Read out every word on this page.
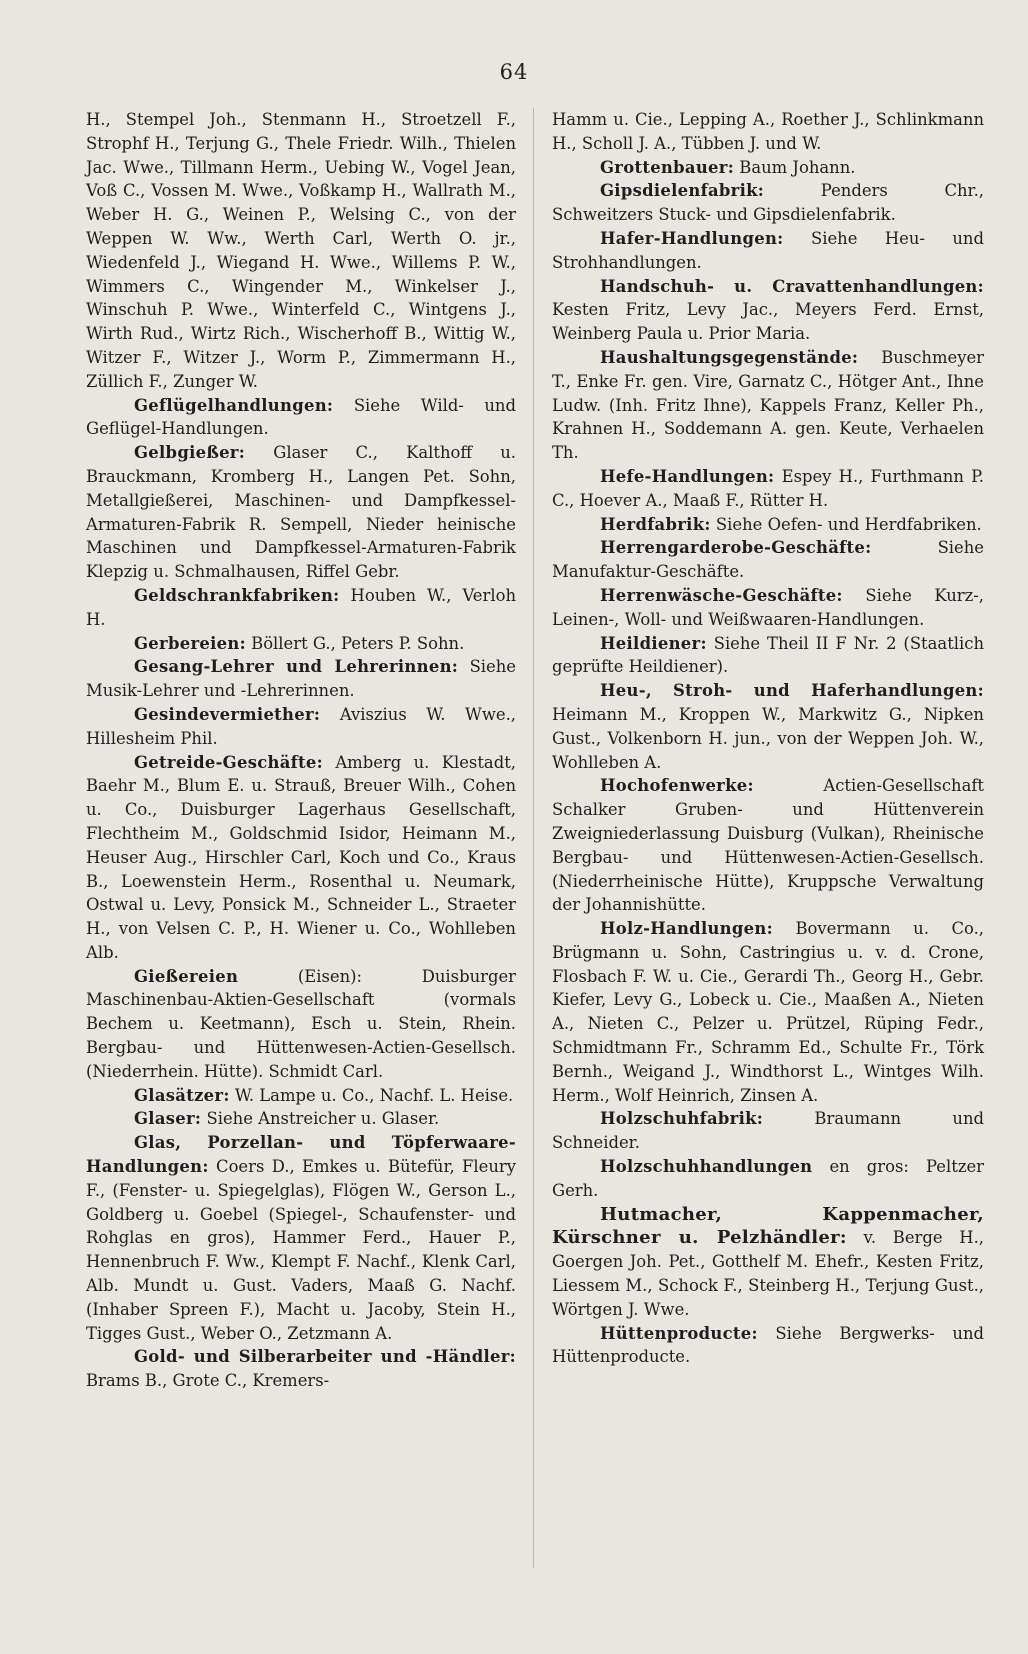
64

H., Stempel Joh., Stenmann H., Stroetzell F., Strophf H., Terjung G., Thele Friedr. Wilh., Thielen Jac. Wwe., Tillmann Herm., Uebing W., Vogel Jean, Voß C., Vossen M. Wwe., Voßkamp H., Wallrath M., Weber H. G., Weinen P., Welsing C., von der Weppen W. Ww., Werth Carl, Werth O. jr., Wiedenfeld J., Wiegand H. Wwe., Willems P. W., Wimmers C., Wingender M., Winkelser J., Winschuh P. Wwe., Winterfeld C., Wintgens J., Wirth Rud., Wirtz Rich., Wischerhoff B., Wittig W., Witzer F., Witzer J., Worm P., Zimmermann H., Züllich F., Zunger W.

Geflügelhandlungen: Siehe Wild- und Geflügel-Handlungen.

Gelbgießer: Glaser C., Kalthoff u. Brauckmann, Kromberg H., Langen Pet. Sohn, Metallgießerei, Maschinen- und Dampfkessel-Armaturen-Fabrik R. Sempell, Nieder heinische Maschinen und Dampfkessel-Armaturen-Fabrik Klepzig u. Schmalhausen, Riffel Gebr.

Geldschrankfabriken: Houben W., Verloh H.

Gerbereien: Böllert G., Peters P. Sohn.

Gesang-Lehrer und Lehrerinnen: Siehe Musik-Lehrer und -Lehrerinnen.

Gesindevermiether: Aviszius W. Wwe., Hillesheim Phil.

Getreide-Geschäfte: Amberg u. Klestadt, Baehr M., Blum E. u. Strauß, Breuer Wilh., Cohen u. Co., Duisburger Lagerhaus Gesellschaft, Flechtheim M., Goldschmid Isidor, Heimann M., Heuser Aug., Hirschler Carl, Koch und Co., Kraus B., Loewenstein Herm., Rosenthal u. Neumark, Ostwal u. Levy, Ponsick M., Schneider L., Straeter H., von Velsen C. P., H. Wiener u. Co., Wohlleben Alb.

Gießereien (Eisen): Duisburger Maschinenbau-Aktien-Gesellschaft (vormals Bechem u. Keetmann), Esch u. Stein, Rhein. Bergbau- und Hüttenwesen-Actien-Gesellsch. (Niederrhein. Hütte). Schmidt Carl.

Glasätzer: W. Lampe u. Co., Nachf. L. Heise.

Glaser: Siehe Anstreicher u. Glaser.

Glas, Porzellan- und Töpferwaare-Handlungen: Coers D., Emkes u. Bütefür, Fleury F., (Fenster- u. Spiegelglas), Flögen W., Gerson L., Goldberg u. Goebel (Spiegel-, Schaufenster- und Rohglas en gros), Hammer Ferd., Hauer P., Hennenbruch F. Ww., Klempt F. Nachf., Klenk Carl, Alb. Mundt u. Gust. Vaders, Maaß G. Nachf. (Inhaber Spreen F.), Macht u. Jacoby, Stein H., Tigges Gust., Weber O., Zetzmann A.

Gold- und Silberarbeiter und -Händler: Brams B., Grote C., Kremers-

Hamm u. Cie., Lepping A., Roether J., Schlinkmann H., Scholl J. A., Tübben J. und W.

Grottenbauer: Baum Johann.

Gipsdielenfabrik: Penders Chr., Schweitzers Stuck- und Gipsdielenfabrik.

Hafer-Handlungen: Siehe Heu- und Strohhandlungen.

Handschuh- u. Cravattenhandlungen: Kesten Fritz, Levy Jac., Meyers Ferd. Ernst, Weinberg Paula u. Prior Maria.

Haushaltungsgegenstände: Buschmeyer T., Enke Fr. gen. Vire, Garnatz C., Hötger Ant., Ihne Ludw. (Inh. Fritz Ihne), Kappels Franz, Keller Ph., Krahnen H., Soddemann A. gen. Keute, Verhaelen Th.

Hefe-Handlungen: Espey H., Furthmann P. C., Hoever A., Maaß F., Rütter H.

Herdfabrik: Siehe Oefen- und Herdfabriken.

Herrengarderobe-Geschäfte: Siehe Manufaktur-Geschäfte.

Herrenwäsche-Geschäfte: Siehe Kurz-, Leinen-, Woll- und Weißwaaren-Handlungen.

Heildiener: Siehe Theil II F Nr. 2 (Staatlich geprüfte Heildiener).

Heu-, Stroh- und Haferhandlungen: Heimann M., Kroppen W., Markwitz G., Nipken Gust., Volkenborn H. jun., von der Weppen Joh. W., Wohlleben A.

Hochofenwerke: Actien-Gesellschaft Schalker Gruben- und Hüttenverein Zweigniederlassung Duisburg (Vulkan), Rheinische Bergbau- und Hüttenwesen-Actien-Gesellsch. (Niederrheinische Hütte), Kruppsche Verwaltung der Johannishütte.

Holz-Handlungen: Bovermann u. Co., Brügmann u. Sohn, Castringius u. v. d. Crone, Flosbach F. W. u. Cie., Gerardi Th., Georg H., Gebr. Kiefer, Levy G., Lobeck u. Cie., Maaßen A., Nieten A., Nieten C., Pelzer u. Prützel, Rüping Fedr., Schmidtmann Fr., Schramm Ed., Schulte Fr., Törk Bernh., Weigand J., Windthorst L., Wintges Wilh. Herm., Wolf Heinrich, Zinsen A.

Holzschuhfabrik: Braumann und Schneider.

Holzschuhhandlungen en gros: Peltzer Gerh.

Hutmacher, Kappenmacher, Kürschner u. Pelzhändler: v. Berge H., Goergen Joh. Pet., Gotthelf M. Ehefr., Kesten Fritz, Liessem M., Schock F., Steinberg H., Terjung Gust., Wörtgen J. Wwe.

Hüttenproducte: Siehe Bergwerks- und Hüttenproducte.
